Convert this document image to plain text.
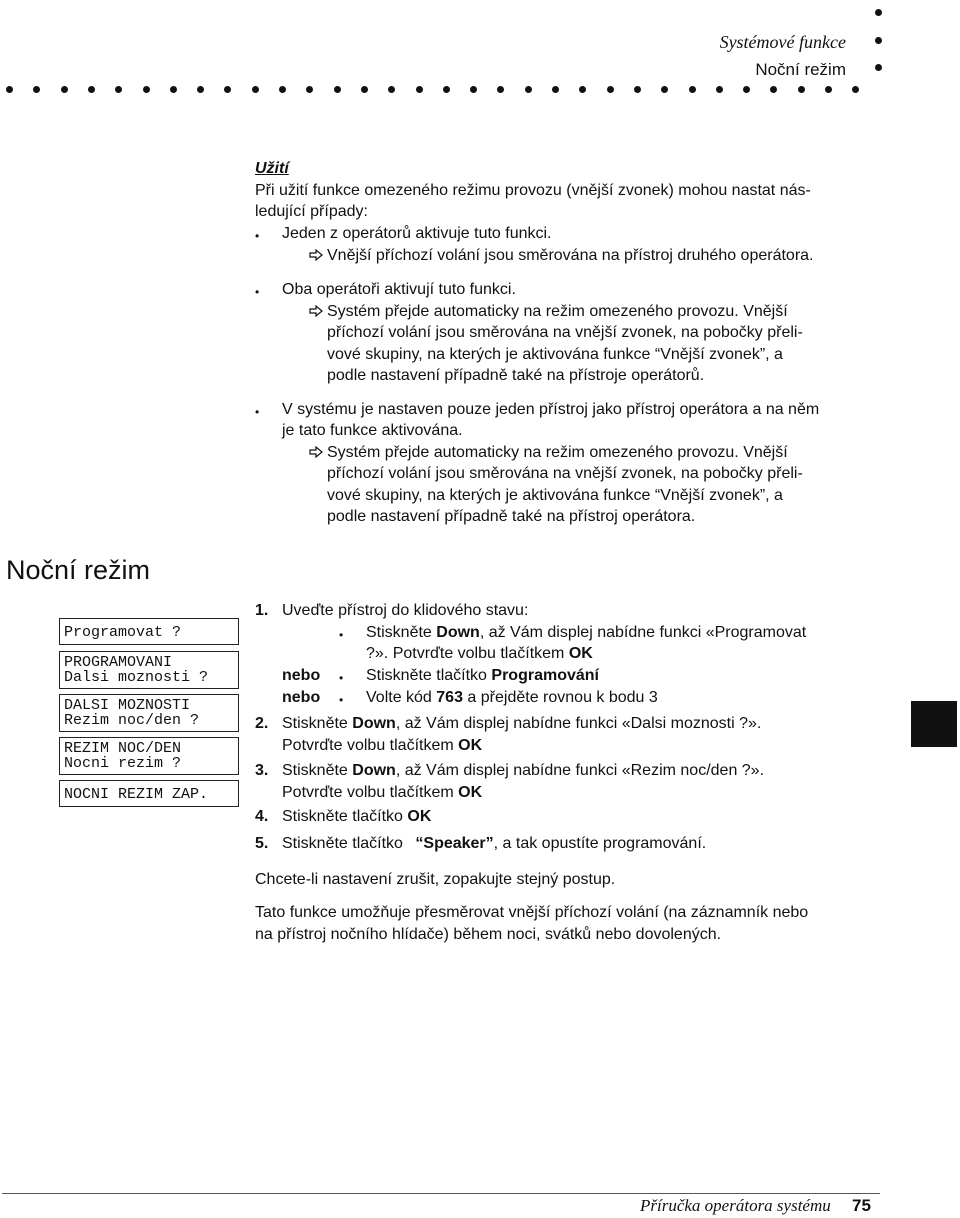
Systémové funkce
Noční režim
Užití
Při užití funkce omezeného režimu provozu (vnější zvonek) mohou nastat nás-
ledující případy:
• Jeden z operátorů aktivuje tuto funkci.
Vnější příchozí volání jsou směrována na přístroj druhého operátora.
• Oba operátoři aktivují tuto funkci.
Systém přejde automaticky na režim omezeného provozu. Vnější
příchozí volání jsou směrována na vnější zvonek, na pobočky přeli-
vové skupiny, na kterých je aktivována funkce “Vnější zvonek”, a
podle nastavení případně také na přístroje operátorů.
• V systému je nastaven pouze jeden přístroj jako přístroj operátora a na něm
je tato funkce aktivována.
Systém přejde automaticky na režim omezeného provozu. Vnější
příchozí volání jsou směrována na vnější zvonek, na pobočky přeli-
vové skupiny, na kterých je aktivována funkce “Vnější zvonek”, a
podle nastavení případně také na přístroj operátora.
Noční režim
Programovat ?
PROGRAMOVANI
Dalsi moznosti ?
DALSI MOZNOSTI
Rezim noc/den ?
REZIM NOC/DEN
Nocni rezim ?
NOCNI REZIM ZAP.
1. Uveďte přístroj do klidového stavu:
• Stiskněte Down, až Vám displej nabídne funkci «Programovat
?». Potvrďte volbu tlačítkem OK
nebo • Stiskněte tlačítko Programování
nebo • Volte kód 763 a přejděte rovnou k bodu 3
2. Stiskněte Down, až Vám displej nabídne funkci «Dalsi moznosti ?».
Potvrďte volbu tlačítkem OK
3. Stiskněte Down, až Vám displej nabídne funkci «Rezim noc/den ?».
Potvrďte volbu tlačítkem OK
4. Stiskněte tlačítko OK
5. Stiskněte tlačítko “Speaker”, a tak opustíte programování.
Chcete-li nastavení zrušit, zopakujte stejný postup.
Tato funkce umožňuje přesměrovat vnější příchozí volání (na záznamník nebo
na přístroj nočního hlídače) během noci, svátků nebo dovolených.
Příručka operátora systému 75
